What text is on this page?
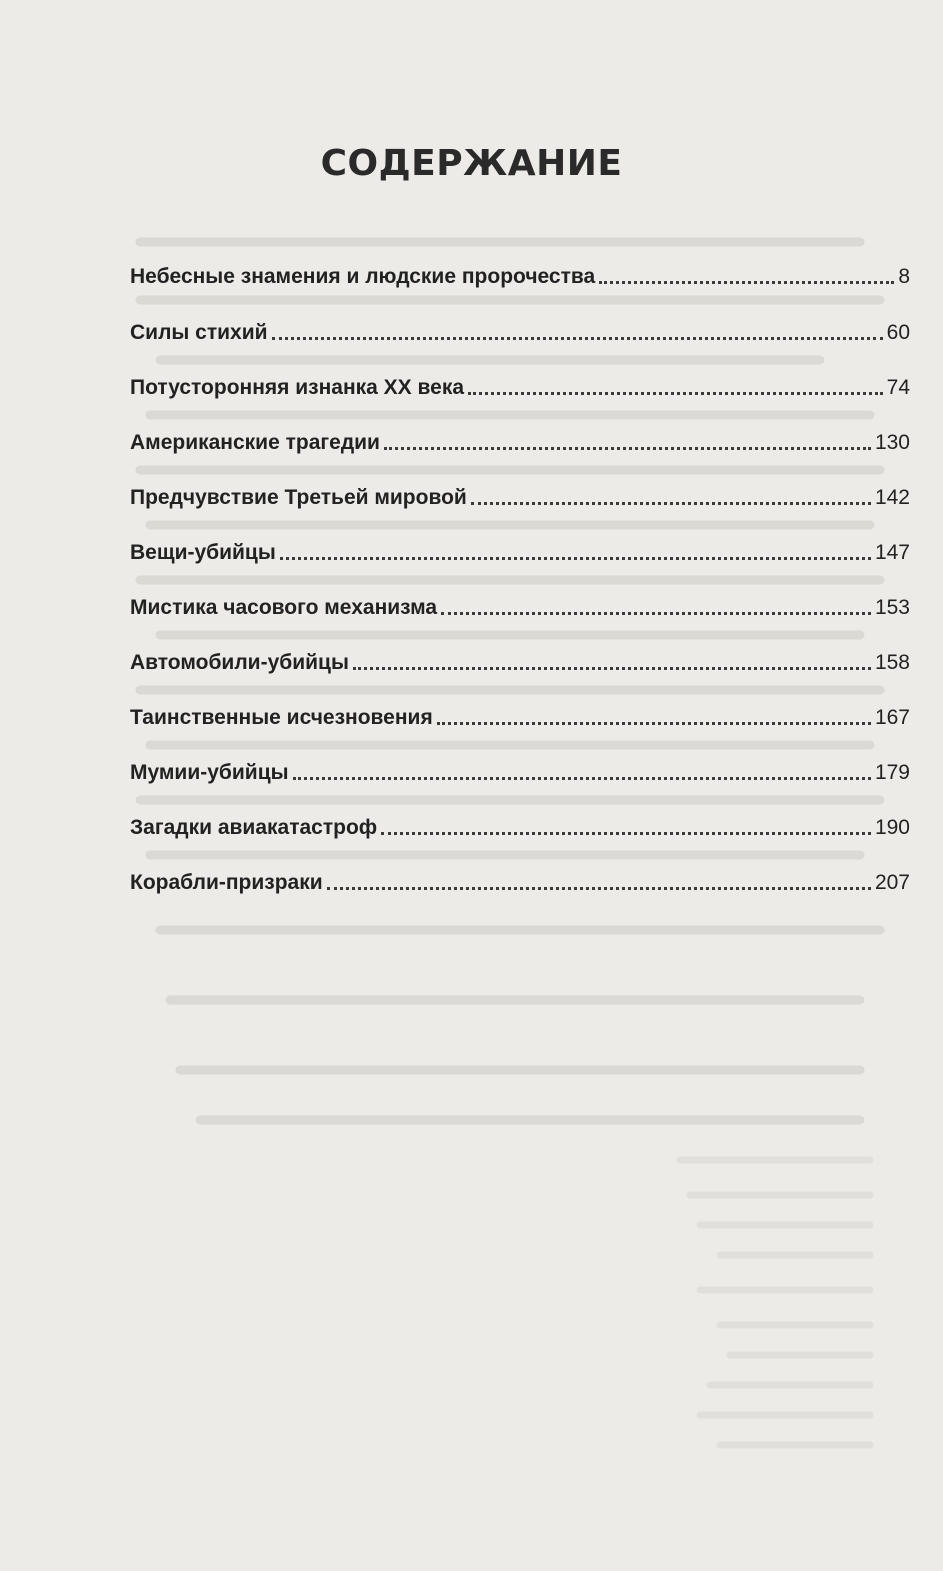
СОДЕРЖАНИЕ
Небесные знамения и людские пророчества	8
Силы стихий	60
Потусторонняя изнанка XX века	74
Американские трагедии	130
Предчувствие Третьей мировой	142
Вещи-убийцы	147
Мистика часового механизма	153
Автомобили-убийцы	158
Таинственные исчезновения	167
Мумии-убийцы	179
Загадки авиакатастроф	190
Корабли-призраки	207
